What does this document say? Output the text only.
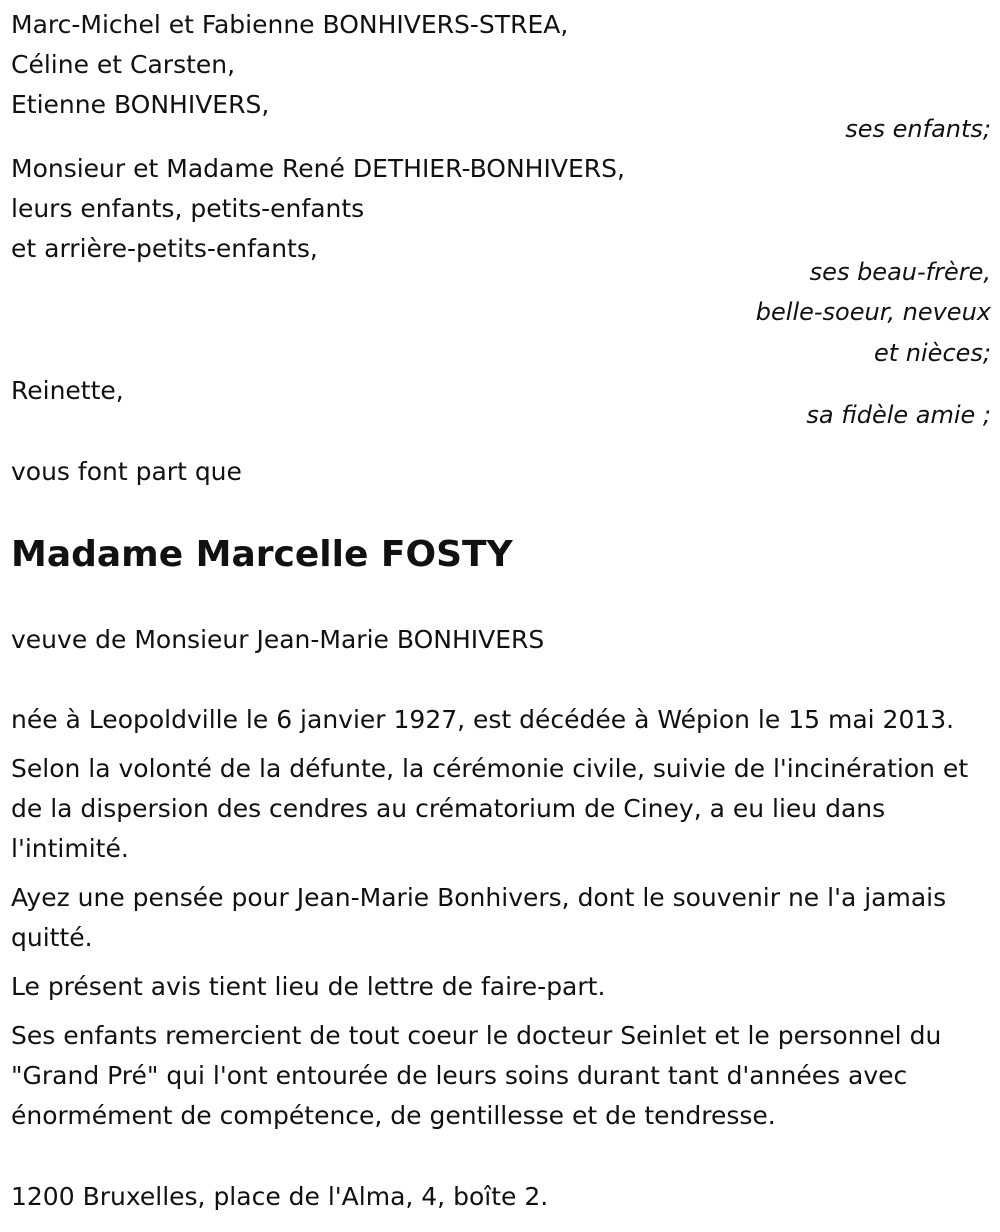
Marc-Michel et Fabienne BONHIVERS-STREA,
Céline et Carsten,
Etienne BONHIVERS,
ses enfants;
Monsieur et Madame René DETHIER-BONHIVERS,
leurs enfants, petits-enfants
et arrière-petits-enfants,
ses beau-frère,
belle-soeur, neveux
et nièces;
Reinette,
sa fidèle amie ;
vous font part que
Madame Marcelle FOSTY
veuve de Monsieur Jean-Marie BONHIVERS
née à Leopoldville le 6 janvier 1927, est décédée à Wépion le 15 mai 2013.
Selon la volonté de la défunte, la cérémonie civile, suivie de l'incinération et de la dispersion des cendres au crématorium de Ciney, a eu lieu dans l'intimité.
Ayez une pensée pour Jean-Marie Bonhivers, dont le souvenir ne l'a jamais quitté.
Le présent avis tient lieu de lettre de faire-part.
Ses enfants remercient de tout coeur le docteur Seinlet et le personnel du "Grand Pré" qui l'ont entourée de leurs soins durant tant d'années avec énormément de compétence, de gentillesse et de tendresse.
1200 Bruxelles, place de l'Alma, 4, boîte 2.
